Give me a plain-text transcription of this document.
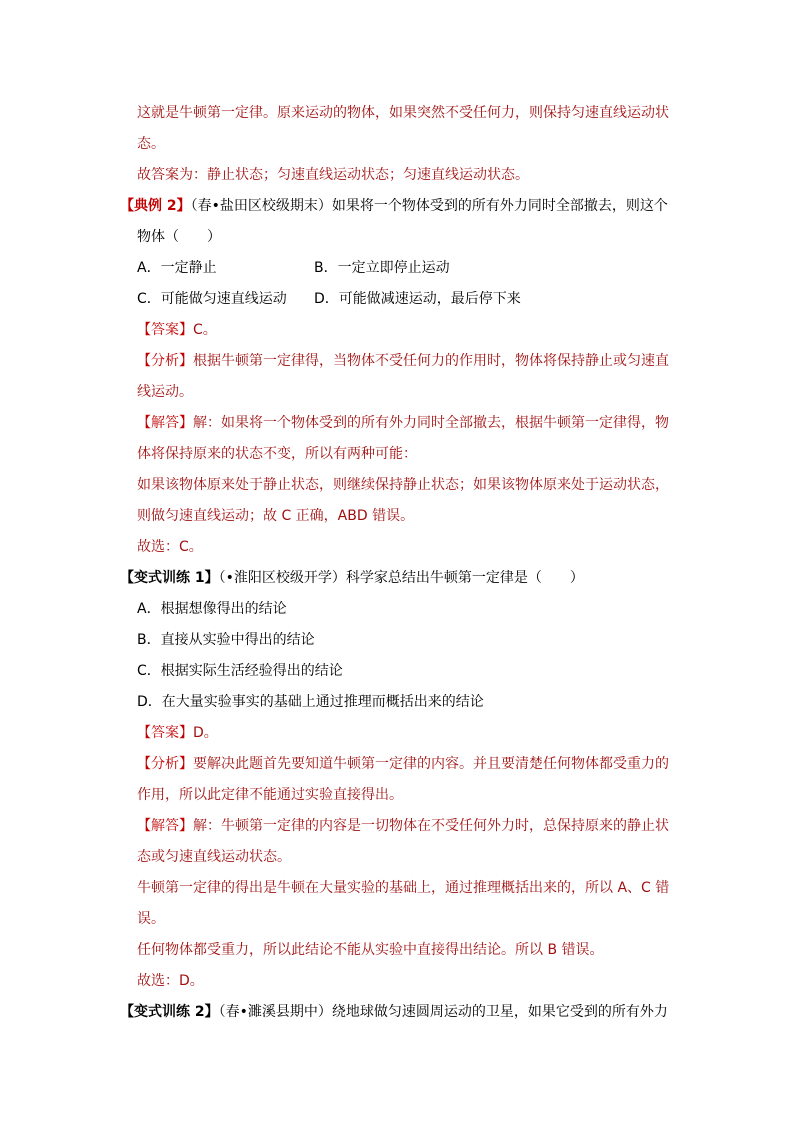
这就是牛顿第一定律。原来运动的物体，如果突然不受任何力，则保持匀速直线运动状
态。
故答案为：静止状态；匀速直线运动状态；匀速直线运动状态。
【典例 2】（春•盐田区校级期末）如果将一个物体受到的所有外力同时全部撤去，则这个
物体（　　）
A．一定静止	B．一定立即停止运动
C．可能做匀速直线运动 D．可能做减速运动，最后停下来
【答案】C。
【分析】根据牛顿第一定律得，当物体不受任何力的作用时，物体将保持静止或匀速直
线运动。
【解答】解：如果将一个物体受到的所有外力同时全部撤去，根据牛顿第一定律得，物
体将保持原来的状态不变，所以有两种可能：
如果该物体原来处于静止状态，则继续保持静止状态；如果该物体原来处于运动状态，
则做匀速直线运动；故 C 正确，ABD 错误。
故选：C。
【变式训练 1】（•淮阳区校级开学）科学家总结出牛顿第一定律是（　　）
A．根据想像得出的结论
B．直接从实验中得出的结论
C．根据实际生活经验得出的结论
D．在大量实验事实的基础上通过推理而概括出来的结论
【答案】D。
【分析】要解决此题首先要知道牛顿第一定律的内容。并且要清楚任何物体都受重力的
作用，所以此定律不能通过实验直接得出。
【解答】解：牛顿第一定律的内容是一切物体在不受任何外力时，总保持原来的静止状
态或匀速直线运动状态。
牛顿第一定律的得出是牛顿在大量实验的基础上，通过推理概括出来的，所以 A、C 错
误。
任何物体都受重力，所以此结论不能从实验中直接得出结论。所以 B 错误。
故选：D。
【变式训练 2】（春•濉溪县期中）绕地球做匀速圆周运动的卫星，如果它受到的所有外力
